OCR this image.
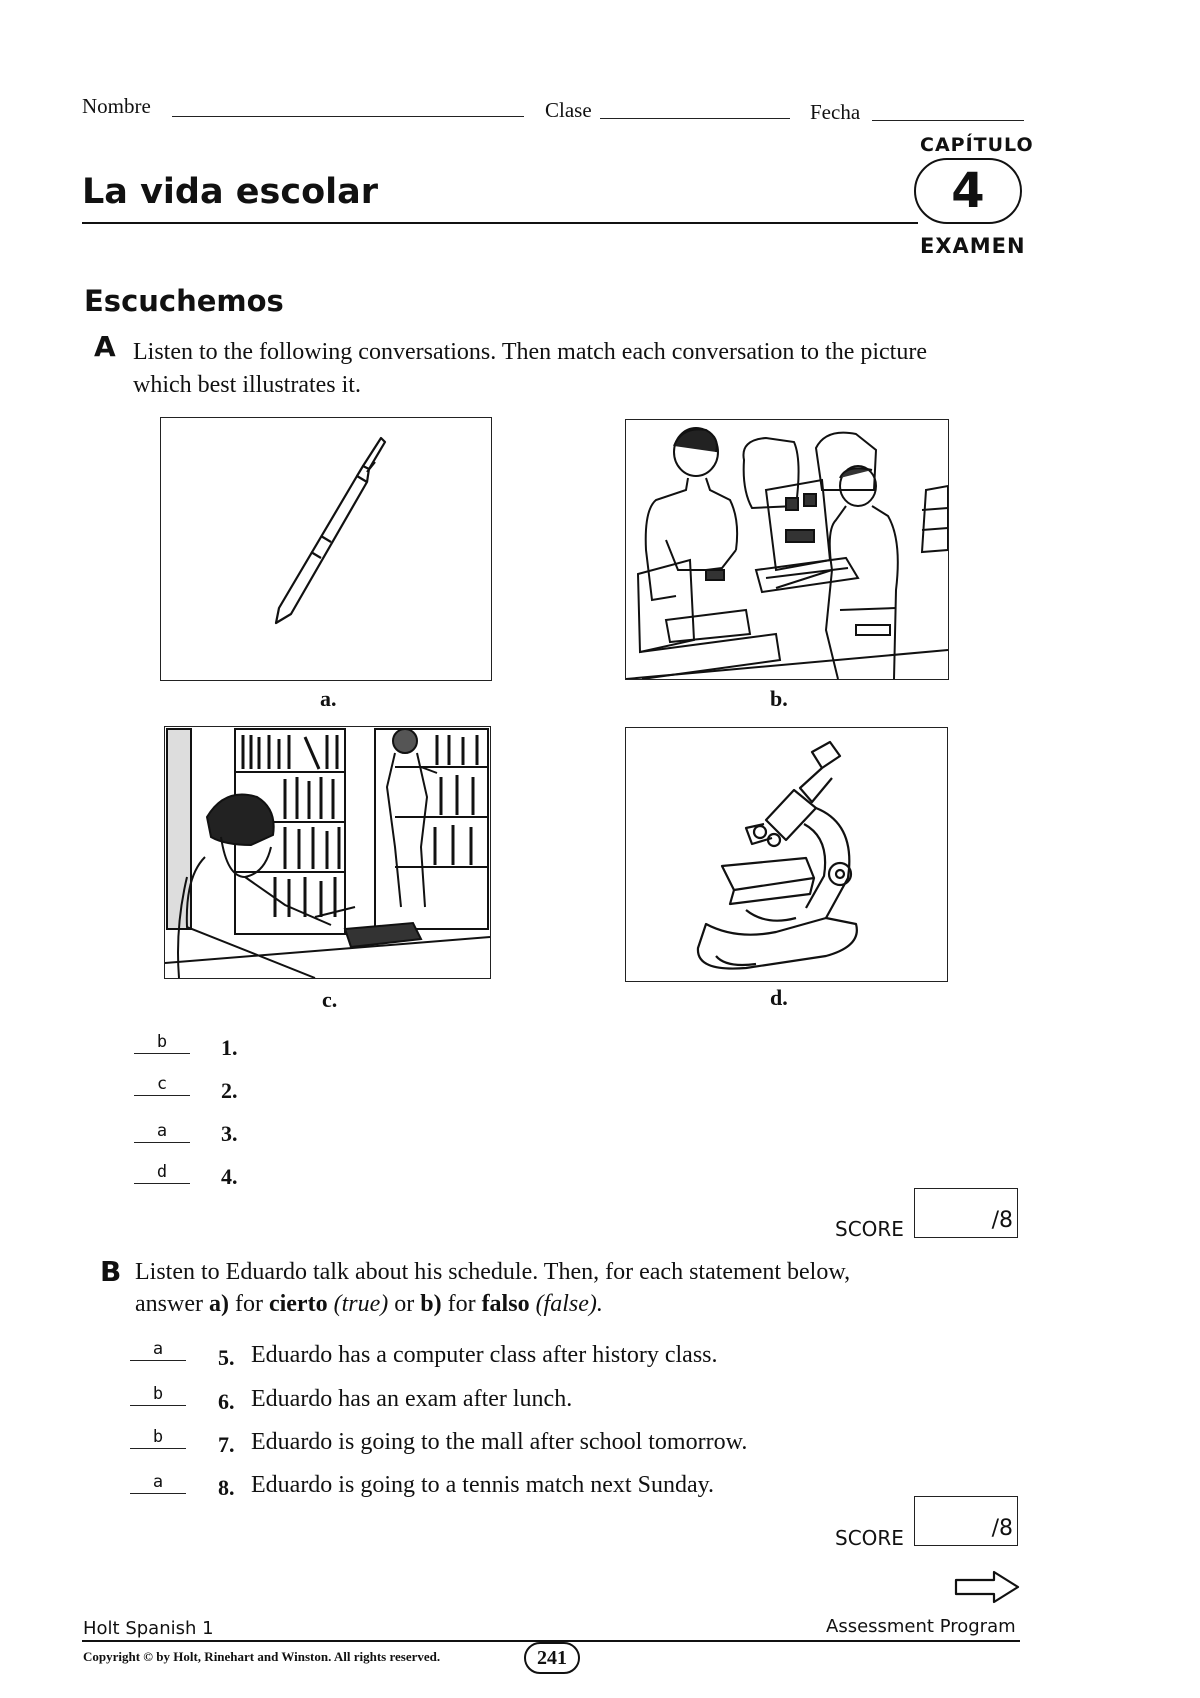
Nombre	Clase	Fecha
CAPÍTULO
La vida escolar	4
EXAMEN
Escuchemos
A Listen to the following conversations. Then match each conversation to the picture which best illustrates it.
a.	b.
c.	d.
b	1.
c	2.
a	3.
d	4.
SCORE	/8
B Listen to Eduardo talk about his schedule. Then, for each statement below,
answer a) for cierto (true) or b) for falso (false).
a	5. Eduardo has a computer class after history class.
b	6. Eduardo has an exam after lunch.
b	7. Eduardo is going to the mall after school tomorrow.
a	8. Eduardo is going to a tennis match next Sunday.
SCORE	/8
Holt Spanish 1	Assessment Program
Copyright © by Holt, Rinehart and Winston. All rights reserved.	241
